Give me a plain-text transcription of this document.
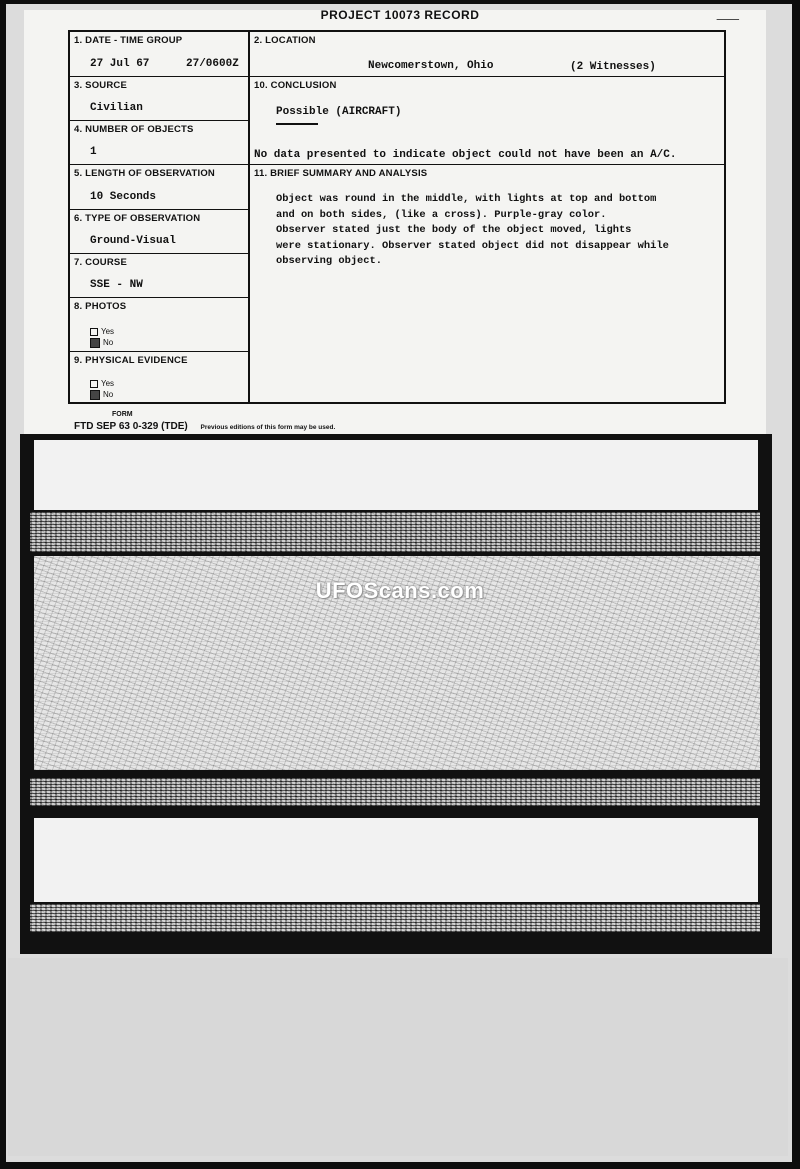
PROJECT 10073 RECORD	⸺
1. DATE - TIME GROUP
27 Jul 67
3. SOURCE
Civilian
4. NUMBER OF OBJECTS
1
5. LENGTH OF OBSERVATION
10 Seconds
6. TYPE OF OBSERVATION
Ground-Visual
7. COURSE
SSE - NW
8. PHOTOS
Yes
No
9. PHYSICAL EVIDENCE
Yes
No
2. LOCATION
Newcomerstown, Ohio	(2 Witnesses)
10. CONCLUSION
Possible (AIRCRAFT)
No data presented to indicate object could not have been an A/C.
11. BRIEF SUMMARY AND ANALYSIS
Object was round in the middle, with lights at top and bottom
and on both sides, (like a cross). Purple-gray color.
Observer stated just the body of the object moved, lights
were stationary. Observer stated object did not disappear while
observing object.
27/0600Z
FORM
FTD SEP 63 0-329 (TDE) Previous editions of this form may be used.
UFOScans.com
